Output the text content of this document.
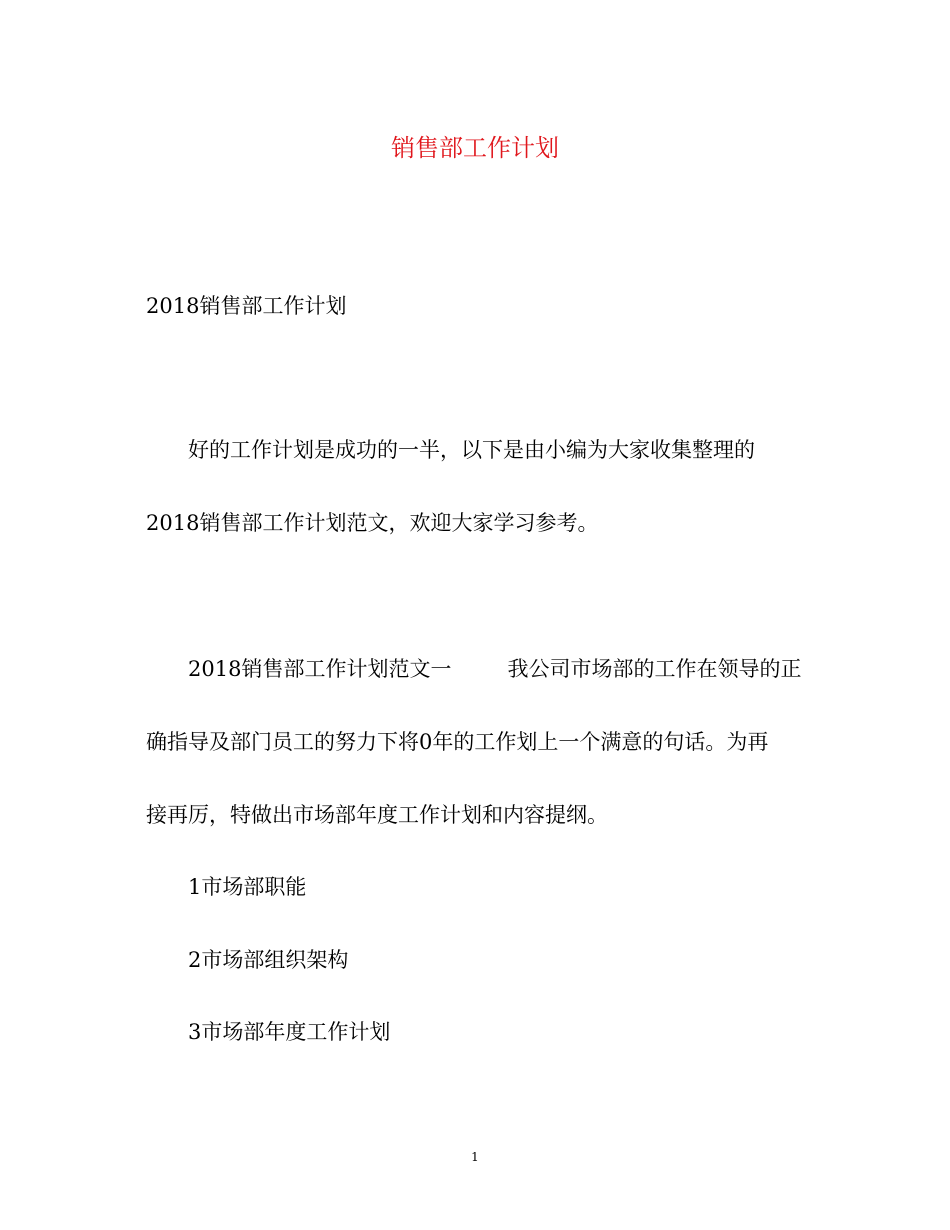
销售部工作计划
2018销售部工作计划
好的工作计划是成功的一半，以下是由小编为大家收集整理的
2018销售部工作计划范文，欢迎大家学习参考。
2018销售部工作计划范文一	我公司市场部的工作在领导的正
确指导及部门员工的努力下将0年的工作划上一个满意的句话。为再
接再厉，特做出市场部年度工作计划和内容提纲。
1市场部职能
2市场部组织架构
3市场部年度工作计划
1
